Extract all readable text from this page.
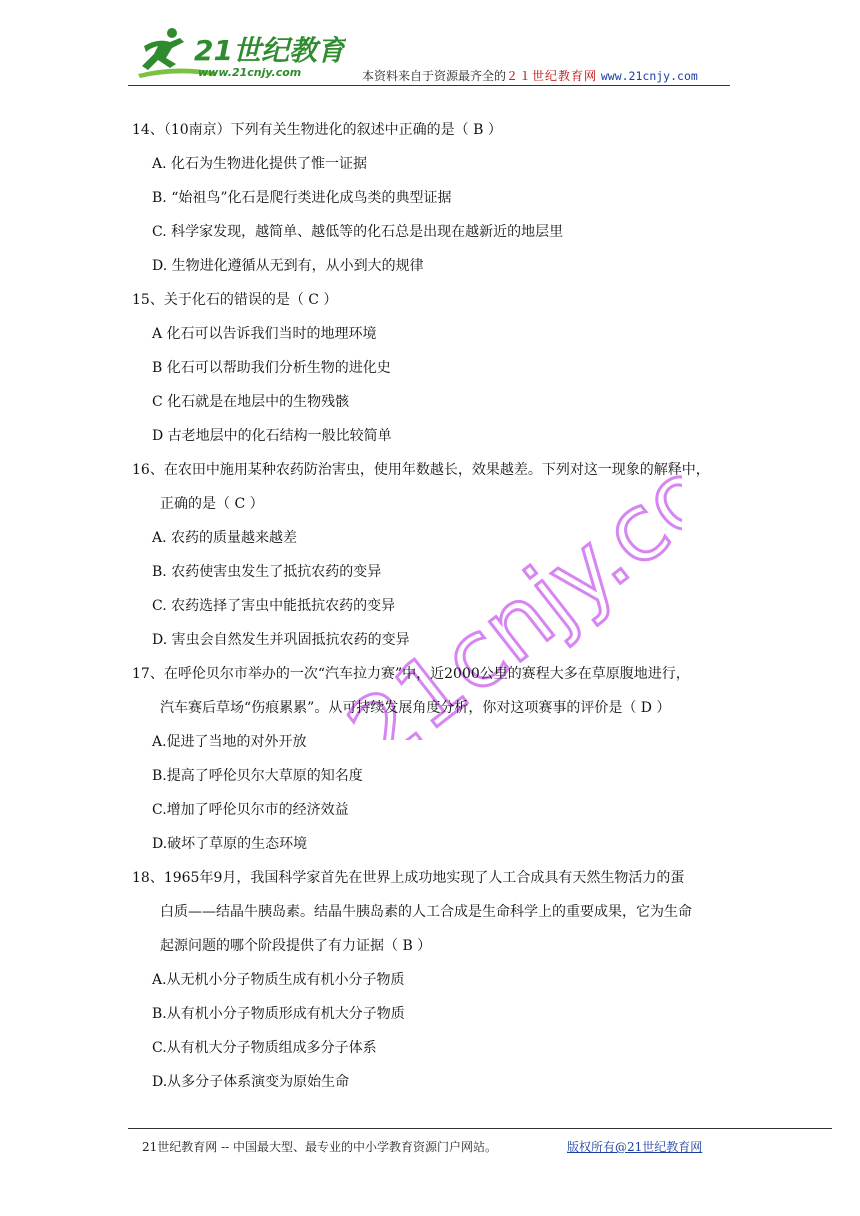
21世纪教育
www.21cnjy.com	本资料来自于资源最齐全的２１世纪教育网 www.21cnjy.com
21cnjy.com
14、（10南京）下列有关生物进化的叙述中正确的是（ B ）
A. 化石为生物进化提供了惟一证据
B. “始祖鸟”化石是爬行类进化成鸟类的典型证据
C. 科学家发现，越简单、越低等的化石总是出现在越新近的地层里
D. 生物进化遵循从无到有，从小到大的规律
15、关于化石的错误的是（ C ）
A 化石可以告诉我们当时的地理环境
B 化石可以帮助我们分析生物的进化史
C 化石就是在地层中的生物残骸
D 古老地层中的化石结构一般比较简单
16、在农田中施用某种农药防治害虫，使用年数越长，效果越差。下列对这一现象的解释中，
正确的是（ C ）
A. 农药的质量越来越差
B. 农药使害虫发生了抵抗农药的变异
C. 农药选择了害虫中能抵抗农药的变异
D. 害虫会自然发生并巩固抵抗农药的变异
17、在呼伦贝尔市举办的一次“汽车拉力赛”中，近2000公里的赛程大多在草原腹地进行，
汽车赛后草场“伤痕累累”。从可持续发展角度分析，你对这项赛事的评价是（ D ）
A.促进了当地的对外开放
B.提高了呼伦贝尔大草原的知名度
C.增加了呼伦贝尔市的经济效益
D.破坏了草原的生态环境
18、1965年9月，我国科学家首先在世界上成功地实现了人工合成具有天然生物活力的蛋
白质——结晶牛胰岛素。结晶牛胰岛素的人工合成是生命科学上的重要成果，它为生命
起源问题的哪个阶段提供了有力证据（ B ）
A.从无机小分子物质生成有机小分子物质
B.从有机小分子物质形成有机大分子物质
C.从有机大分子物质组成多分子体系
D.从多分子体系演变为原始生命
21世纪教育网 -- 中国最大型、最专业的中小学教育资源门户网站。	版权所有@21世纪教育网
